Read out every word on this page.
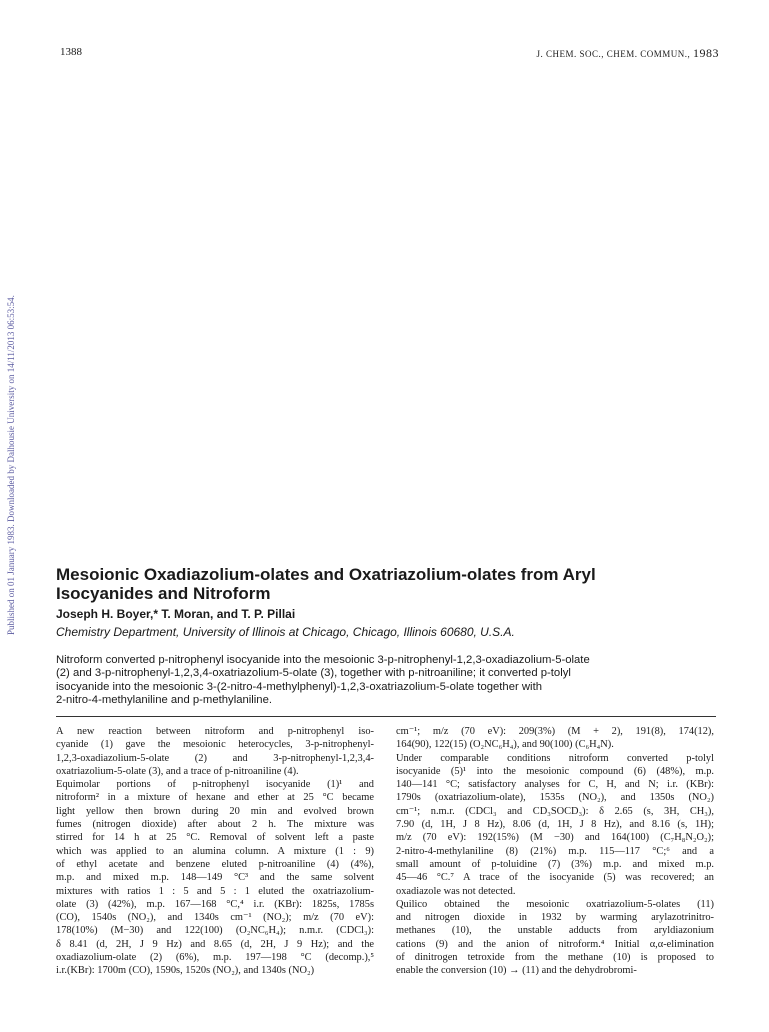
1388	J. CHEM. SOC., CHEM. COMMUN., 1983
Published on 01 January 1983. Downloaded by Dalhousie University on 14/11/2013 06:53:54. Mesoionic Oxadiazolium-olates and Oxatriazolium-olates from Aryl
Isocyanides and Nitroform
Joseph H. Boyer,* T. Moran, and T. P. Pillai
Chemistry Department, University of Illinois at Chicago, Chicago, Illinois 60680, U.S.A.
Nitroform converted p-nitrophenyl isocyanide into the mesoionic 3-p-nitrophenyl-1,2,3-oxadiazolium-5-olate
(2) and 3-p-nitrophenyl-1,2,3,4-oxatriazolium-5-olate (3), together with p-nitroaniline; it converted p-tolyl
isocyanide into the mesoionic 3-(2-nitro-4-methylphenyl)-1,2,3-oxatriazolium-5-olate together with
2-nitro-4-methylaniline and p-methylaniline.
A new reaction between nitroform and p-nitrophenyl iso-
cyanide (1) gave the mesoionic heterocycles, 3-p-nitrophenyl-
1,2,3-oxadiazolium-5-olate (2) and 3-p-nitrophenyl-1,2,3,4-
oxatriazolium-5-olate (3), and a trace of p-nitroaniline (4).
Equimolar portions of p-nitrophenyl isocyanide (1)¹ and
nitroform² in a mixture of hexane and ether at 25 °C became
light yellow then brown during 20 min and evolved brown
fumes (nitrogen dioxide) after about 2 h. The mixture was
stirred for 14 h at 25 °C. Removal of solvent left a paste
which was applied to an alumina column. A mixture (1 : 9)
of ethyl acetate and benzene eluted p-nitroaniline (4) (4%),
m.p. and mixed m.p. 148—149 °C³ and the same solvent
mixtures with ratios 1 : 5 and 5 : 1 eluted the oxatriazolium-
olate (3) (42%), m.p. 167—168 °C,⁴ i.r. (KBr): 1825s, 1785s
(CO), 1540s (NO₂), and 1340s cm⁻¹ (NO₂); m/z (70 eV):
178(10%) (M−30) and 122(100) (O₂NC₆H₄); n.m.r. (CDCl₃):
δ 8.41 (d, 2H, J 9 Hz) and 8.65 (d, 2H, J 9 Hz); and the
oxadiazolium-olate (2) (6%), m.p. 197—198 °C (decomp.),⁵
i.r.(KBr): 1700m (CO), 1590s, 1520s (NO₂), and 1340s (NO₂)
cm⁻¹; m/z (70 eV): 209(3%) (M + 2), 191(8), 174(12),
164(90), 122(15) (O₂NC₆H₄), and 90(100) (C₆H₄N).
Under comparable conditions nitroform converted p-tolyl
isocyanide (5)¹ into the mesoionic compound (6) (48%), m.p.
140—141 °C; satisfactory analyses for C, H, and N; i.r. (KBr):
1790s (oxatriazolium-olate), 1535s (NO₂), and 1350s (NO₂)
cm⁻¹; n.m.r. (CDCl₃ and CD₃SOCD₃): δ 2.65 (s, 3H, CH₃),
7.90 (d, 1H, J 8 Hz), 8.06 (d, 1H, J 8 Hz), and 8.16 (s, 1H);
m/z (70 eV): 192(15%) (M −30) and 164(100) (C₇H₈N₂O₂);
2-nitro-4-methylaniline (8) (21%) m.p. 115—117 °C;⁶ and a
small amount of p-toluidine (7) (3%) m.p. and mixed m.p.
45—46 °C.⁷ A trace of the isocyanide (5) was recovered; an
oxadiazole was not detected.
Quilico obtained the mesoionic oxatriazolium-5-olates (11)
and nitrogen dioxide in 1932 by warming arylazotrinitro-
methanes (10), the unstable adducts from aryldiazonium
cations (9) and the anion of nitroform.⁴ Initial α,α-elimination
of dinitrogen tetroxide from the methane (10) is proposed to
enable the conversion (10) → (11) and the dehydrobromi-
